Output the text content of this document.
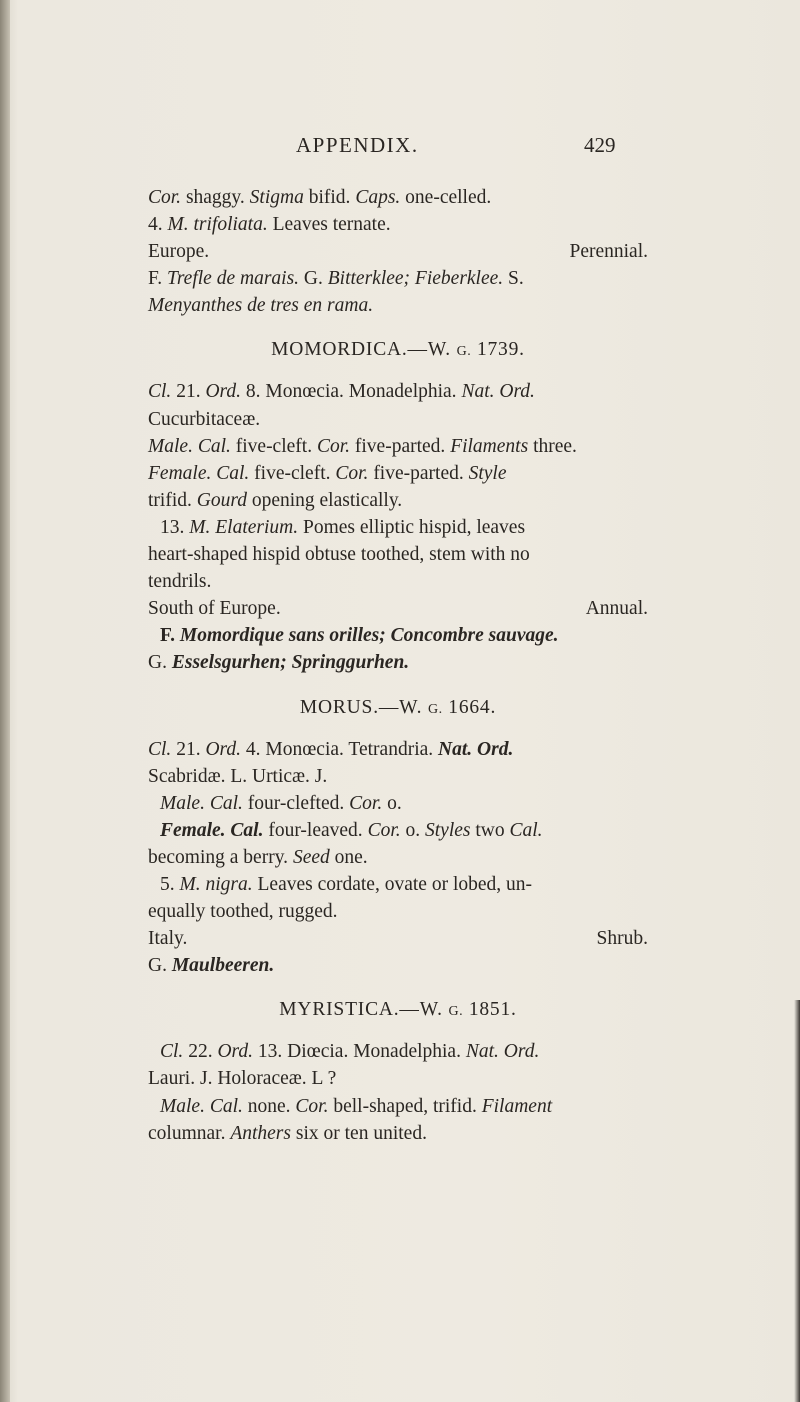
APPENDIX.	429
Cor. shaggy. Stigma bifid. Caps. one-celled.
4. M. trifoliata. Leaves ternate.
Europe.	Perennial.
F. Trefle de marais. G. Bitterklee; Fieberklee. S.
Menyanthes de tres en rama.
MOMORDICA.—W. G. 1739.
Cl. 21. Ord. 8. Monœcia. Monadelphia. Nat. Ord.
Cucurbitaceæ.
Male. Cal. five-cleft. Cor. five-parted. Filaments three.
Female. Cal. five-cleft. Cor. five-parted. Style
trifid. Gourd opening elastically.
13. M. Elaterium. Pomes elliptic hispid, leaves
heart-shaped hispid obtuse toothed, stem with no
tendrils.
South of Europe.	Annual.
F. Momordique sans orilles; Concombre sauvage.
G. Esselsgurhen; Springgurhen.
MORUS.—W. G. 1664.
Cl. 21. Ord. 4. Monœcia. Tetrandria. Nat. Ord.
Scabridæ. L. Urticæ. J.
Male. Cal. four-clefted. Cor. o.
Female. Cal. four-leaved. Cor. o. Styles two Cal.
becoming a berry. Seed one.
5. M. nigra. Leaves cordate, ovate or lobed, un-
equally toothed, rugged.
Italy.	Shrub.
G. Maulbeeren.
MYRISTICA.—W. G. 1851.
Cl. 22. Ord. 13. Diœcia. Monadelphia. Nat. Ord.
Lauri. J. Holoraceæ. L ?
Male. Cal. none. Cor. bell-shaped, trifid. Filament
columnar. Anthers six or ten united.
